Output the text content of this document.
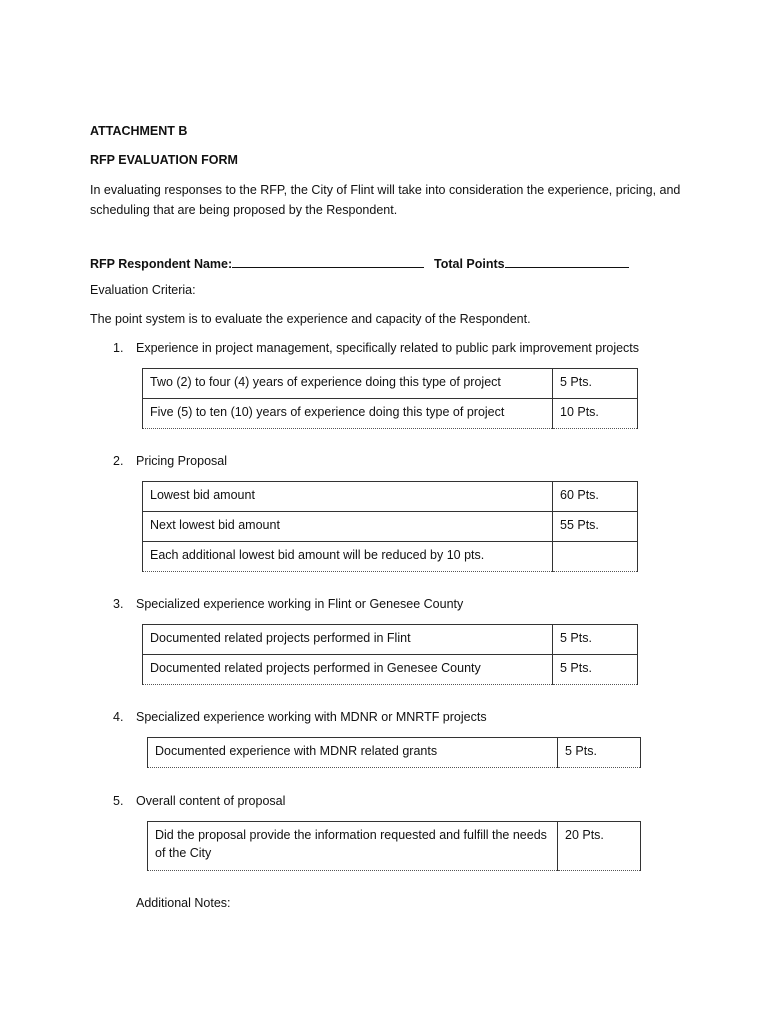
ATTACHMENT B
RFP EVALUATION FORM
In evaluating responses to the RFP, the City of Flint will take into consideration the experience, pricing, and scheduling that are being proposed by the Respondent.
RFP Respondent Name:	Total Points
Evaluation Criteria:
The point system is to evaluate the experience and capacity of the Respondent.
1. Experience in project management, specifically related to public park improvement projects
Two (2) to four (4) years of experience doing this type of project	5 Pts.
Five (5) to ten (10) years of experience doing this type of project	10 Pts.
2. Pricing Proposal
Lowest bid amount	60 Pts.
Next lowest bid amount	55 Pts.
Each additional lowest bid amount will be reduced by 10 pts.	
3. Specialized experience working in Flint or Genesee County
Documented related projects performed in Flint	5 Pts.
Documented related projects performed in Genesee County	5 Pts.
4. Specialized experience working with MDNR or MNRTF projects
Documented experience with MDNR related grants	5 Pts.
5. Overall content of proposal
Did the proposal provide the information requested and fulfill the needs of the City	20 Pts.
Additional Notes:
